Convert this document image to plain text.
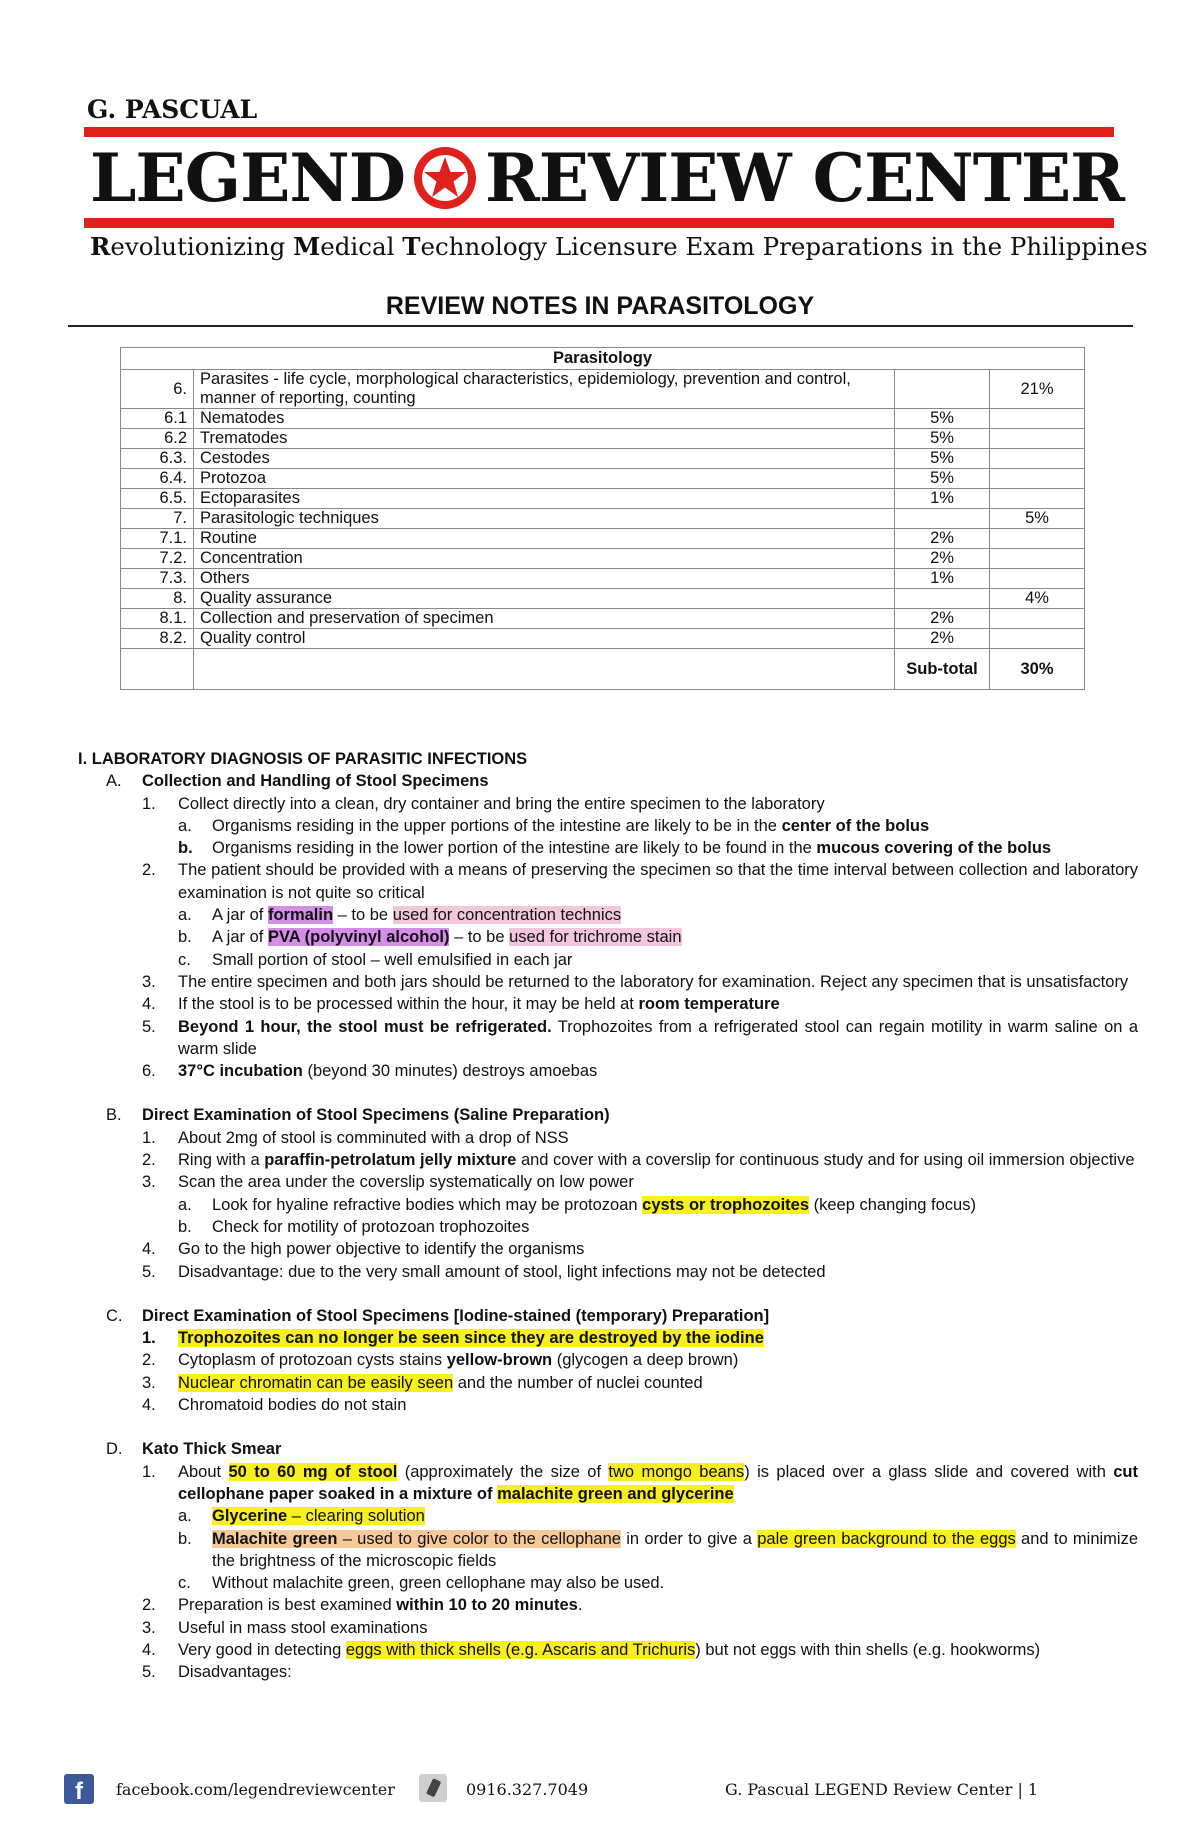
G. PASCUAL
LEGEND REVIEW CENTER
Revolutionizing Medical Technology Licensure Exam Preparations in the Philippines
REVIEW NOTES IN PARASITOLOGY
Parasitology			
6.	Parasites - life cycle, morphological characteristics, epidemiology, prevention and control, manner of reporting, counting		21%
6.1	Nematodes	5%	
6.2	Trematodes	5%	
6.3.	Cestodes	5%	
6.4.	Protozoa	5%	
6.5.	Ectoparasites	1%	
7.	Parasitologic techniques		5%
7.1.	Routine	2%	
7.2.	Concentration	2%	
7.3.	Others	1%	
8.	Quality assurance		4%
8.1.	Collection and preservation of specimen	2%	
8.2.	Quality control	2%	
		Sub-total	30%
I. LABORATORY DIAGNOSIS OF PARASITIC INFECTIONS
A.	Collection and Handling of Stool Specimens
1.	Collect directly into a clean, dry container and bring the entire specimen to the laboratory
a.	Organisms residing in the upper portions of the intestine are likely to be in the center of the bolus
b.	Organisms residing in the lower portion of the intestine are likely to be found in the mucous covering of the bolus
2.	The patient should be provided with a means of preserving the specimen so that the time interval between collection and laboratory examination is not quite so critical
a.	A jar of formalin – to be used for concentration technics
b.	A jar of PVA (polyvinyl alcohol) – to be used for trichrome stain
c.	Small portion of stool – well emulsified in each jar
3.	The entire specimen and both jars should be returned to the laboratory for examination. Reject any specimen that is unsatisfactory
4.	If the stool is to be processed within the hour, it may be held at room temperature
5.	Beyond 1 hour, the stool must be refrigerated. Trophozoites from a refrigerated stool can regain motility in warm saline on a warm slide
6.	37°C incubation (beyond 30 minutes) destroys amoebas
B.	Direct Examination of Stool Specimens (Saline Preparation)
1.	About 2mg of stool is comminuted with a drop of NSS
2.	Ring with a paraffin-petrolatum jelly mixture and cover with a coverslip for continuous study and for using oil immersion objective
3.	Scan the area under the coverslip systematically on low power
a.	Look for hyaline refractive bodies which may be protozoan cysts or trophozoites (keep changing focus)
b.	Check for motility of protozoan trophozoites
4.	Go to the high power objective to identify the organisms
5.	Disadvantage: due to the very small amount of stool, light infections may not be detected
C.	Direct Examination of Stool Specimens [Iodine-stained (temporary) Preparation]
1.	Trophozoites can no longer be seen since they are destroyed by the iodine
2.	Cytoplasm of protozoan cysts stains yellow-brown (glycogen a deep brown)
3.	Nuclear chromatin can be easily seen and the number of nuclei counted
4.	Chromatoid bodies do not stain
D.	Kato Thick Smear
1.	About 50 to 60 mg of stool (approximately the size of two mongo beans) is placed over a glass slide and covered with cut cellophane paper soaked in a mixture of malachite green and glycerine
a.	Glycerine – clearing solution
b.	Malachite green – used to give color to the cellophane in order to give a pale green background to the eggs and to minimize the brightness of the microscopic fields
c.	Without malachite green, green cellophane may also be used.
2.	Preparation is best examined within 10 to 20 minutes.
3.	Useful in mass stool examinations
4.	Very good in detecting eggs with thick shells (e.g. Ascaris and Trichuris) but not eggs with thin shells (e.g. hookworms)
5.	Disadvantages:
f facebook.com/legendreviewcenter	0916.327.7049	G. Pascual LEGEND Review Center | 1
